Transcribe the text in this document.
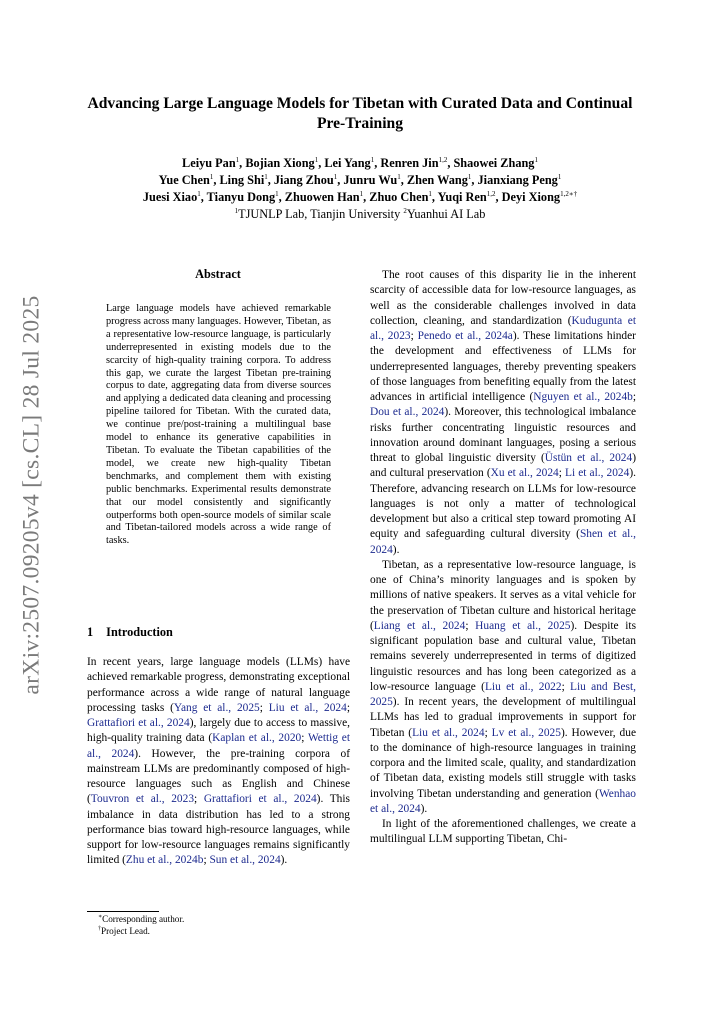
arXiv:2507.09205v4 [cs.CL] 28 Jul 2025
Advancing Large Language Models for Tibetan with Curated Data and Continual Pre-Training
Leiyu Pan$^1$, Bojian Xiong$^1$, Lei Yang$^1$, Renren Jin$^{1,2}$, Shaowei Zhang$^1$
Yue Chen$^1$, Ling Shi$^1$, Jiang Zhou$^1$, Junru Wu$^1$, Zhen Wang$^1$, Jianxiang Peng$^1$
Juesi Xiao$^1$, Tianyu Dong$^1$, Zhuowen Han$^1$, Zhuo Chen$^1$, Yuqi Ren$^{1,2}$, Deyi Xiong$^{1,2∗\dagger}$
$^1$TJUNLP Lab, Tianjin University $^2$Yuanhui AI Lab
Abstract
Large language models have achieved remarkable progress across many languages. However, Tibetan, as a representative low-resource language, is particularly underrepresented in existing models due to the scarcity of high-quality training corpora. To address this gap, we curate the largest Tibetan pre-training corpus to date, aggregating data from diverse sources and applying a dedicated data cleaning and processing pipeline tailored for Tibetan. With the curated data, we continue pre/post-training a multilingual base model to enhance its generative capabilities in Tibetan. To evaluate the Tibetan capabilities of the model, we create new high-quality Tibetan benchmarks, and complement them with existing public benchmarks. Experimental results demonstrate that our model consistently and significantly outperforms both open-source models of similar scale and Tibetan-tailored models across a wide range of tasks.
1 Introduction

In recent years, large language models (LLMs) have achieved remarkable progress, demonstrating exceptional performance across a wide range of natural language processing tasks (Yang et al., 2025; Liu et al., 2024; Grattafiori et al., 2024), largely due to access to massive, high-quality training data (Kaplan et al., 2020; Wettig et al., 2024). However, the pre-training corpora of mainstream LLMs are predominantly composed of high-resource languages such as English and Chinese (Touvron et al., 2023; Grattafiori et al., 2024). This imbalance in data distribution has led to a strong performance bias toward high-resource languages, while support for low-resource languages remains significantly limited (Zhu et al., 2024b; Sun et al., 2024).

The root causes of this disparity lie in the inherent scarcity of accessible data for low-resource languages, as well as the considerable challenges involved in data collection, cleaning, and standardization (Kudugunta et al., 2023; Penedo et al., 2024a). These limitations hinder the development and effectiveness of LLMs for underrepresented languages, thereby preventing speakers of those languages from benefiting equally from the latest advances in artificial intelligence (Nguyen et al., 2024b; Dou et al., 2024). Moreover, this technological imbalance risks further concentrating linguistic resources and innovation around dominant languages, posing a serious threat to global linguistic diversity (Üstün et al., 2024) and cultural preservation (Xu et al., 2024; Li et al., 2024). Therefore, advancing research on LLMs for low-resource languages is not only a matter of technological development but also a critical step toward promoting AI equity and safeguarding cultural diversity (Shen et al., 2024).

Tibetan, as a representative low-resource language, is one of China’s minority languages and is spoken by millions of native speakers. It serves as a vital vehicle for the preservation of Tibetan culture and historical heritage (Liang et al., 2024; Huang et al., 2025). Despite its significant population base and cultural value, Tibetan remains severely underrepresented in terms of digitized linguistic resources and has long been categorized as a low-resource language (Liu et al., 2022; Liu and Best, 2025). In recent years, the development of multilingual LLMs has led to gradual improvements in support for Tibetan (Liu et al., 2024; Lv et al., 2025). However, due to the dominance of high-resource languages in training corpora and the limited scale, quality, and standardization of Tibetan data, existing models still struggle with tasks involving Tibetan understanding and generation (Wenhao et al., 2024).

In light of the aforementioned challenges, we create a multilingual LLM supporting Tibetan, Chi-

∗Corresponding author.
†Project Lead.
